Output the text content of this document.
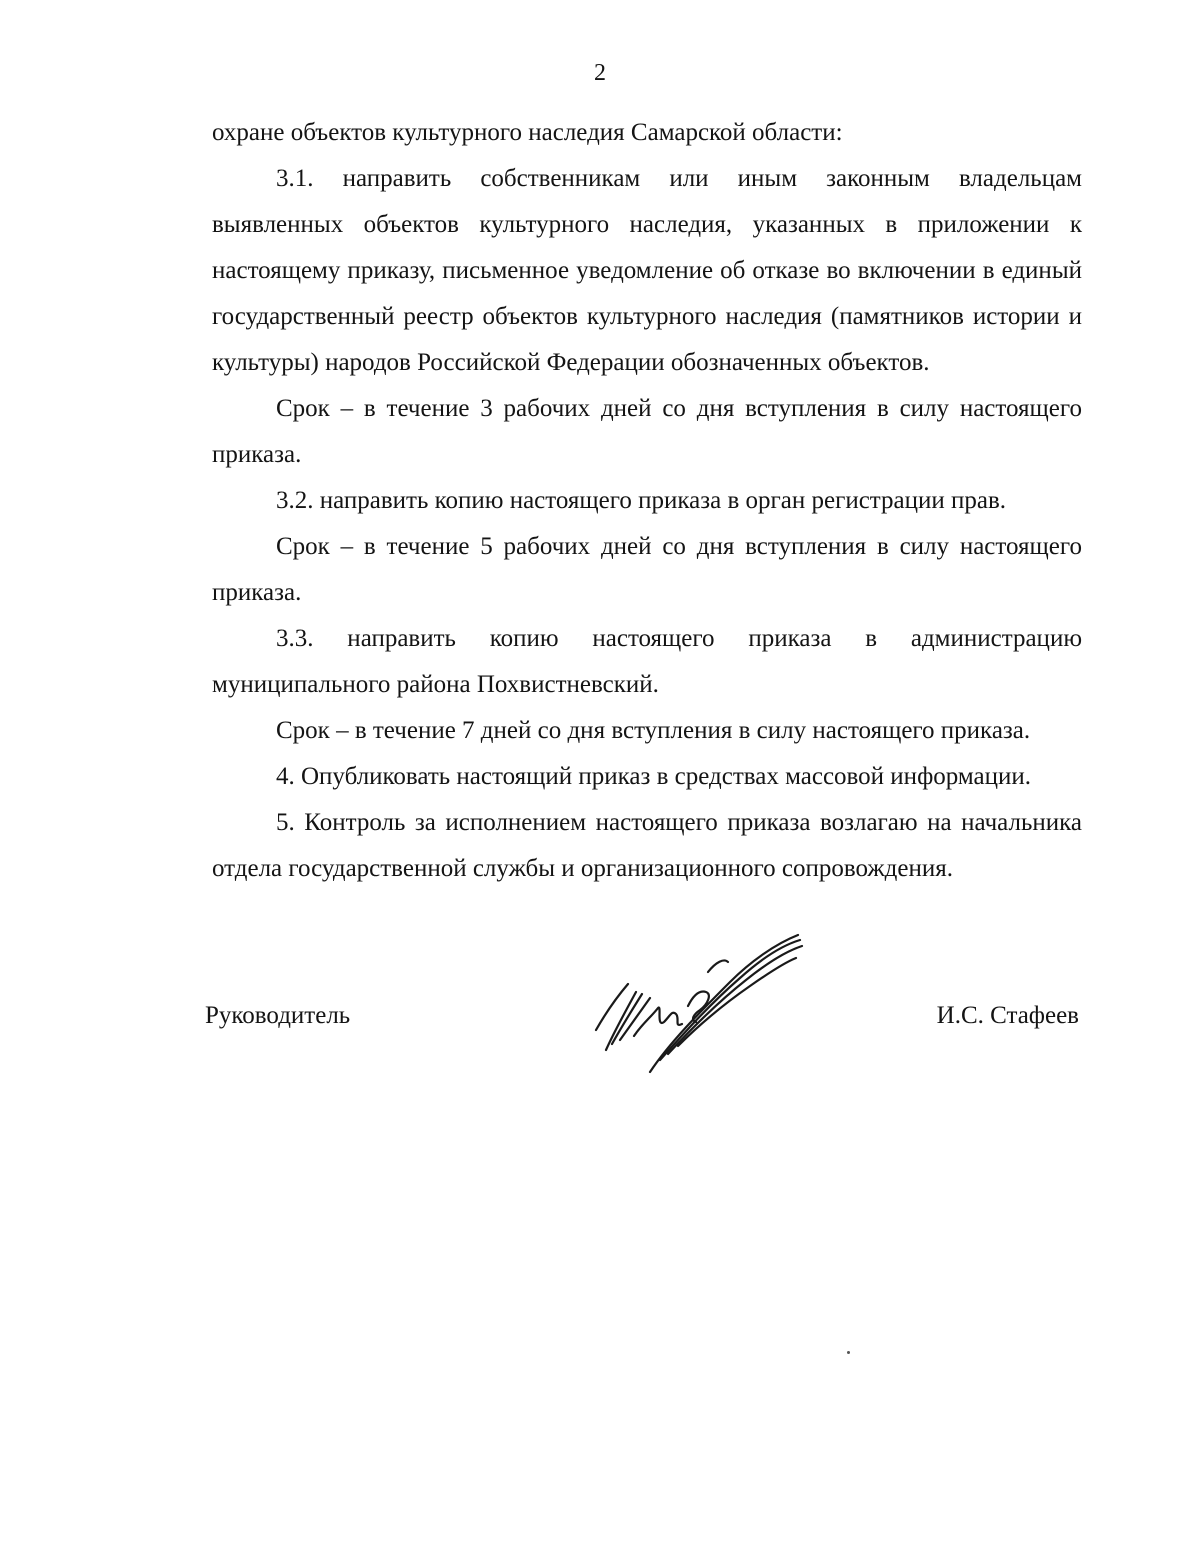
2

охране объектов культурного наследия Самарской области:

3.1. направить собственникам или иным законным владельцам выявленных объектов культурного наследия, указанных в приложении к настоящему приказу, письменное уведомление об отказе во включении в единый государственный реестр объектов культурного наследия (памятников истории и культуры) народов Российской Федерации обозначенных объектов.

Срок – в течение 3 рабочих дней со дня вступления в силу настоящего приказа.

3.2. направить копию настоящего приказа в орган регистрации прав.

Срок – в течение 5 рабочих дней со дня вступления в силу настоящего приказа.

3.3. направить копию настоящего приказа в администрацию муниципального района Похвистневский.

Срок – в течение 7 дней со дня вступления в силу настоящего приказа.

4. Опубликовать настоящий приказ в средствах массовой информации.

5. Контроль за исполнением настоящего приказа возлагаю на начальника отдела государственной службы и организационного сопровождения.

Руководитель	И.С. Стафеев
